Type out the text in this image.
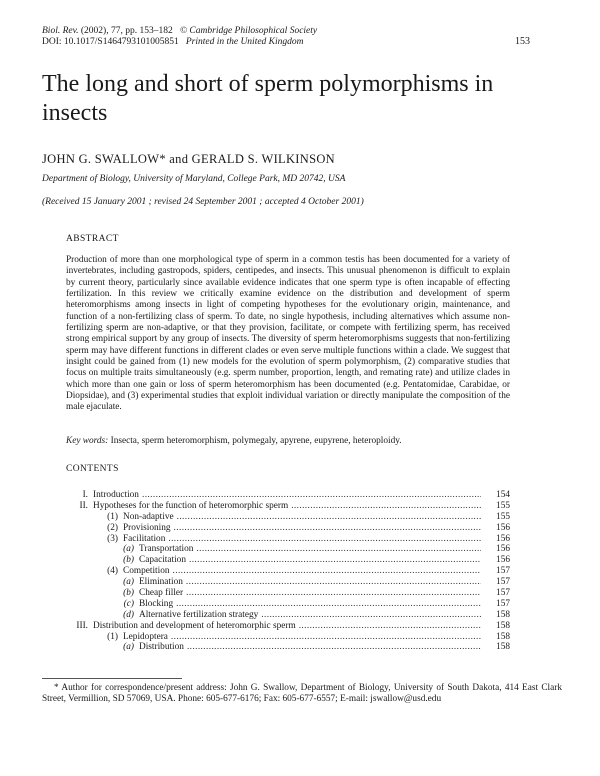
Biol. Rev. (2002), 77, pp. 153–182 © Cambridge Philosophical Society
DOI: 10.1017/S1464793101005851 Printed in the United Kingdom	153
The long and short of sperm polymorphisms in insects
JOHN G. SWALLOW* and GERALD S. WILKINSON
Department of Biology, University of Maryland, College Park, MD 20742, USA
(Received 15 January 2001 ; revised 24 September 2001 ; accepted 4 October 2001)
ABSTRACT

Production of more than one morphological type of sperm in a common testis has been documented for a variety of invertebrates, including gastropods, spiders, centipedes, and insects. This unusual phenomenon is difficult to explain by current theory, particularly since available evidence indicates that one sperm type is often incapable of effecting fertilization. In this review we critically examine evidence on the distribution and development of sperm heteromorphisms among insects in light of competing hypotheses for the evolutionary origin, maintenance, and function of a non-fertilizing class of sperm. To date, no single hypothesis, including alternatives which assume non-fertilizing sperm are non-adaptive, or that they provision, facilitate, or compete with fertilizing sperm, has received strong empirical support by any group of insects. The diversity of sperm heteromorphisms suggests that non-fertilizing sperm may have different functions in different clades or even serve multiple functions within a clade. We suggest that insight could be gained from (1) new models for the evolution of sperm polymorphism, (2) comparative studies that focus on multiple traits simultaneously (e.g. sperm number, proportion, length, and remating rate) and utilize clades in which more than one gain or loss of sperm heteromorphism has been documented (e.g. Pentatomidae, Carabidae, or Diopsidae), and (3) experimental studies that exploit individual variation or directly manipulate the composition of the male ejaculate.

Key words: Insecta, sperm heteromorphism, polymegaly, apyrene, eupyrene, heteroploidy.
CONTENTS
I. Introduction .....	154
II. Hypotheses for the function of heteromorphic sperm .....	155
(1) Non-adaptive .....	155
(2) Provisioning .....	156
(3) Facilitation .....	156
(a) Transportation .....	156
(b) Capacitation .....	156
(4) Competition .....	157
(a) Elimination .....	157
(b) Cheap filler .....	157
(c) Blocking .....	157
(d) Alternative fertilization strategy .....	158
III. Distribution and development of heteromorphic sperm .....	158
(1) Lepidoptera .....	158
(a) Distribution .....	158

* Author for correspondence/present address: John G. Swallow, Department of Biology, University of South Dakota, 414 East Clark Street, Vermillion, SD 57069, USA. Phone: 605-677-6176; Fax: 605-677-6557; E-mail: jswallow@usd.edu
